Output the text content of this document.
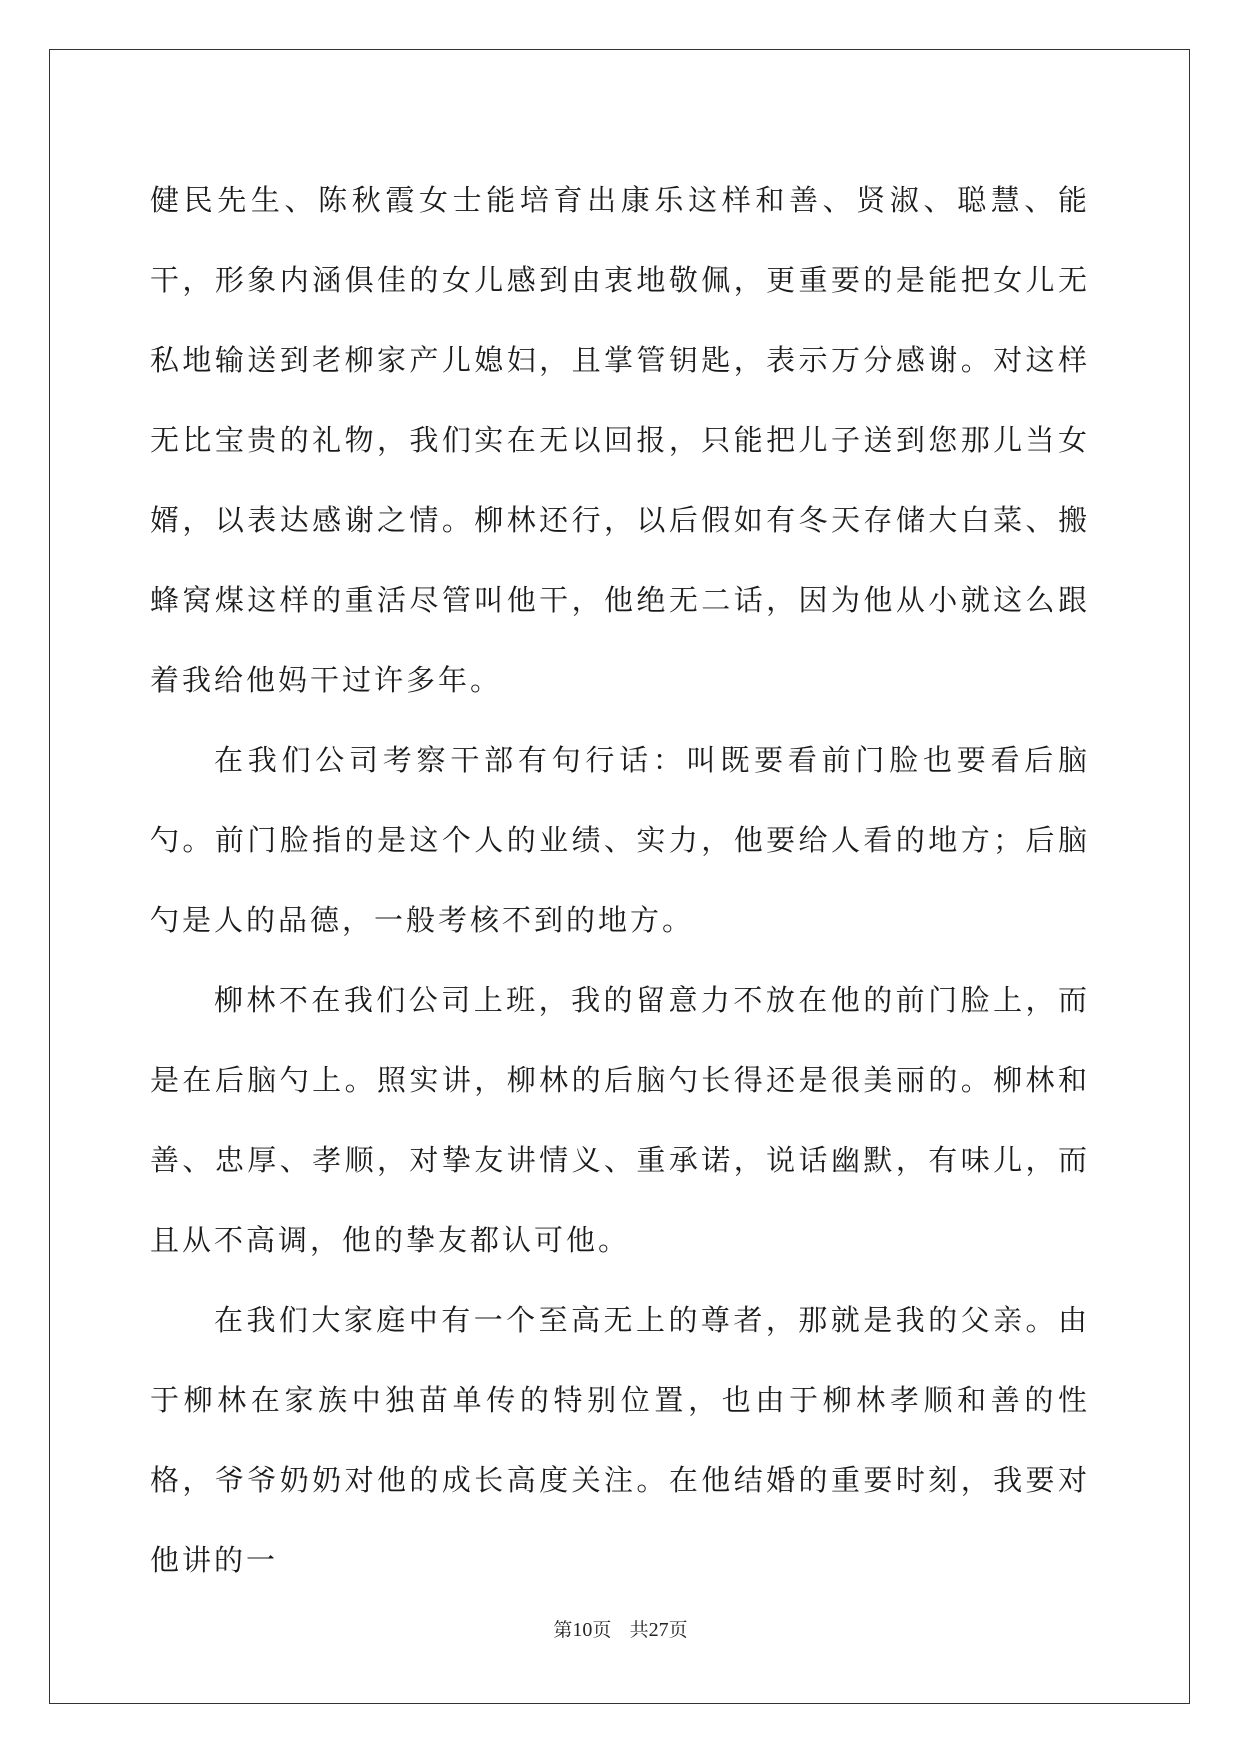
健民先生、陈秋霞女士能培育出康乐这样和善、贤淑、聪慧、能干，形象内涵俱佳的女儿感到由衷地敬佩，更重要的是能把女儿无私地输送到老柳家产儿媳妇，且掌管钥匙，表示万分感谢。对这样无比宝贵的礼物，我们实在无以回报，只能把儿子送到您那儿当女婿，以表达感谢之情。柳林还行，以后假如有冬天存储大白菜、搬蜂窝煤这样的重活尽管叫他干，他绝无二话，因为他从小就这么跟着我给他妈干过许多年。

在我们公司考察干部有句行话：叫既要看前门脸也要看后脑勺。前门脸指的是这个人的业绩、实力，他要给人看的地方；后脑勺是人的品德，一般考核不到的地方。

柳林不在我们公司上班，我的留意力不放在他的前门脸上，而是在后脑勺上。照实讲，柳林的后脑勺长得还是很美丽的。柳林和善、忠厚、孝顺，对挚友讲情义、重承诺，说话幽默，有味儿，而且从不高调，他的挚友都认可他。

在我们大家庭中有一个至高无上的尊者，那就是我的父亲。由于柳林在家族中独苗单传的特别位置，也由于柳林孝顺和善的性格，爷爷奶奶对他的成长高度关注。在他结婚的重要时刻，我要对他讲的一

第10页 共27页
